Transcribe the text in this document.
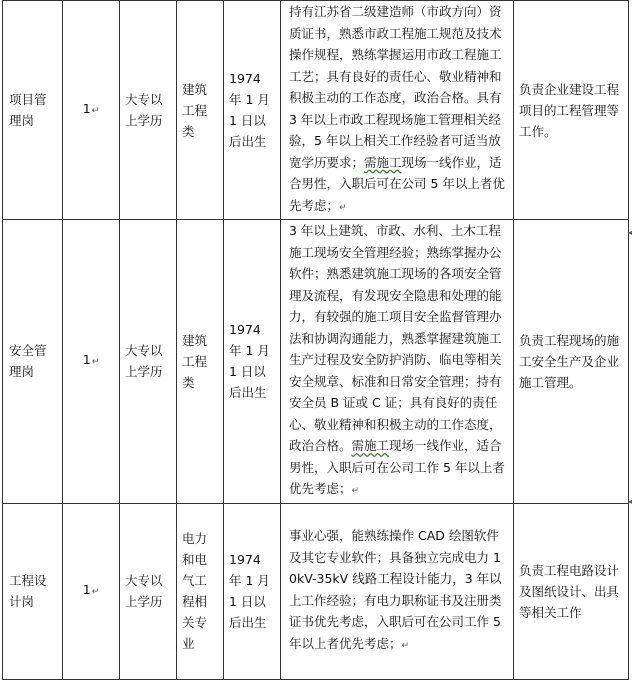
项目管理岗	1↵	大专以上学历	建筑工程类	1974 年 1 月 1 日以后出生	持有江苏省二级建造师（市政方向）资质证书，熟悉市政工程施工规范及技术操作规程，熟练掌握运用市政工程施工工艺；具有良好的责任心、敬业精神和积极主动的工作态度，政治合格。具有 3 年以上市政工程现场施工管理相关经验，5 年以上相关工作经验者可适当放宽学历要求；需施工现场一线作业，适合男性，入职后可在公司 5 年以上者优先考虑；↵	负责企业建设工程项目的工程管理等工作。
安全管理岗	1↵	大专以上学历	建筑工程类	1974 年 1 月 1 日以后出生	3 年以上建筑、市政、水利、土木工程施工现场安全管理经验；熟练掌握办公软件；熟悉建筑施工现场的各项安全管理及流程，有发现安全隐患和处理的能力，有较强的施工项目安全监督管理办法和协调沟通能力，熟悉掌握建筑施工生产过程及安全防护消防、临电等相关安全规章、标准和日常安全管理；持有安全员 B 证或 C 证；具有良好的责任心、敬业精神和积极主动的工作态度，政治合格。需施工现场一线作业，适合男性，入职后可在公司工作 5 年以上者优先考虑；↵	负责工程现场的施工安全生产及企业施工管理。
工程设计岗	1↵	大专以上学历	电力和电气工程相关专业	1974 年 1 月 1 日以后出生	事业心强，能熟练操作 CAD 绘图软件及其它专业软件；具备独立完成电力 10kV-35kV 线路工程设计能力，3 年以上工作经验；有电力职称证书及注册类证书优先考虑，入职后可在公司工作 5 年以上者优先考虑；↵	负责工程电路设计及图纸设计、出具等相关工作
◂
◂
